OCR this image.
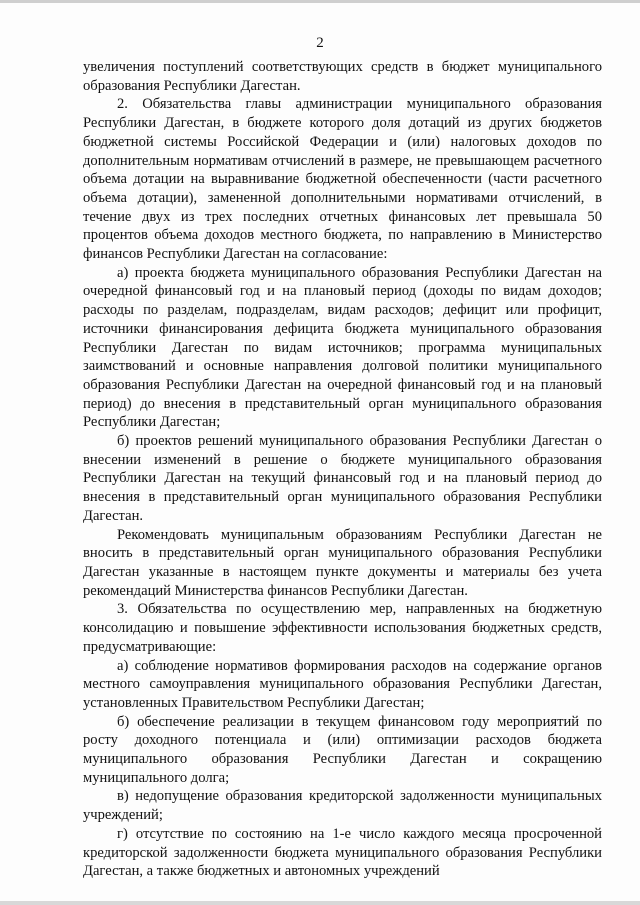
2

увеличения поступлений соответствующих средств в бюджет муниципального образования Республики Дагестан.

2. Обязательства главы администрации муниципального образования Республики Дагестан, в бюджете которого доля дотаций из других бюджетов бюджетной системы Российской Федерации и (или) налоговых доходов по дополнительным нормативам отчислений в размере, не превышающем расчетного объема дотации на выравнивание бюджетной обеспеченности (части расчетного объема дотации), замененной дополнительными нормативами отчислений, в течение двух из трех последних отчетных финансовых лет превышала 50 процентов объема доходов местного бюджета, по направлению в Министерство финансов Республики Дагестан на согласование:

а) проекта бюджета муниципального образования Республики Дагестан на очередной финансовый год и на плановый период (доходы по видам доходов; расходы по разделам, подразделам, видам расходов; дефицит или профицит, источники финансирования дефицита бюджета муниципального образования Республики Дагестан по видам источников; программа муниципальных заимствований и основные направления долговой политики муниципального образования Республики Дагестан на очередной финансовый год и на плановый период) до внесения в представительный орган муниципального образования Республики Дагестан;

б) проектов решений муниципального образования Республики Дагестан о внесении изменений в решение о бюджете муниципального образования Республики Дагестан на текущий финансовый год и на плановый период до внесения в представительный орган муниципального образования Республики Дагестан.

Рекомендовать муниципальным образованиям Республики Дагестан не вносить в представительный орган муниципального образования Республики Дагестан указанные в настоящем пункте документы и материалы без учета рекомендаций Министерства финансов Республики Дагестан.

3. Обязательства по осуществлению мер, направленных на бюджетную консолидацию и повышение эффективности использования бюджетных средств, предусматривающие:

а) соблюдение нормативов формирования расходов на содержание органов местного самоуправления муниципального образования Республики Дагестан, установленных Правительством Республики Дагестан;

б) обеспечение реализации в текущем финансовом году мероприятий по росту доходного потенциала и (или) оптимизации расходов бюджета муниципального образования Республики Дагестан и сокращению муниципального долга;

в) недопущение образования кредиторской задолженности муниципальных учреждений;

г) отсутствие по состоянию на 1-е число каждого месяца просроченной кредиторской задолженности бюджета муниципального образования Республики Дагестан, а также бюджетных и автономных учреждений
